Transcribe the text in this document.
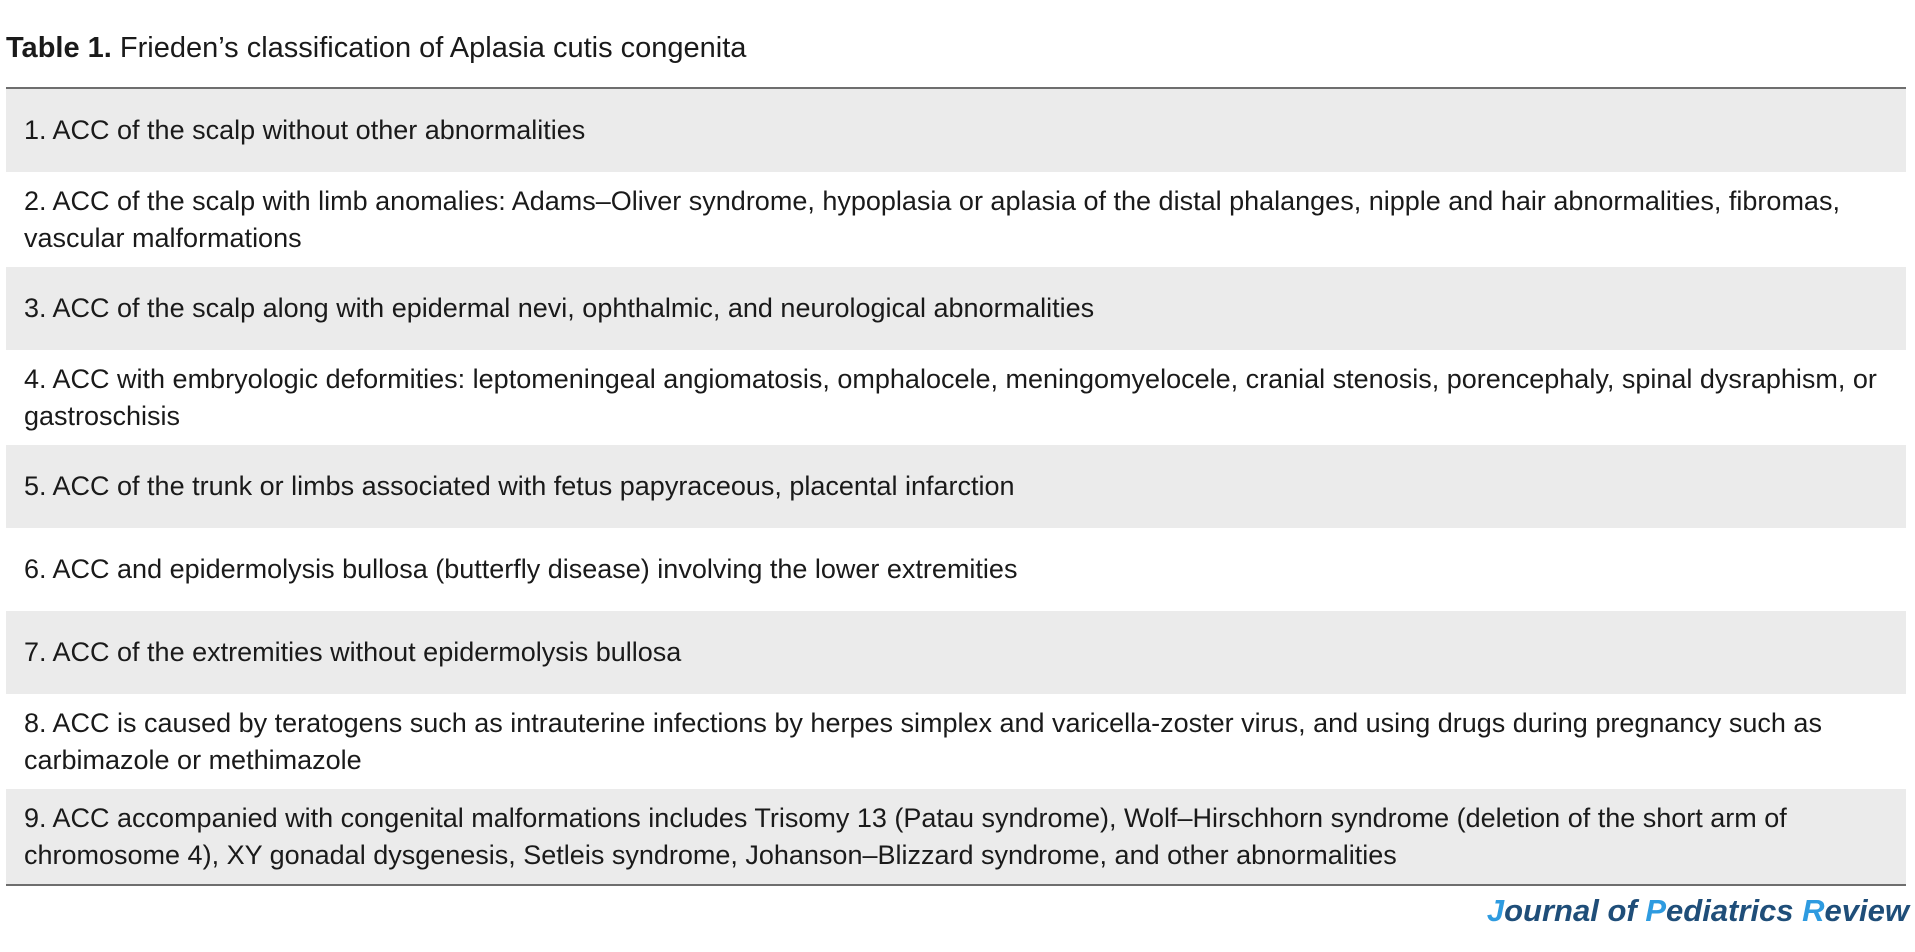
Table 1. Frieden’s classification of Aplasia cutis congenita
1. ACC of the scalp without other abnormalities
2. ACC of the scalp with limb anomalies: Adams–Oliver syndrome, hypoplasia or aplasia of the distal phalanges, nipple and hair abnormalities, fibromas, vascular malformations
3. ACC of the scalp along with epidermal nevi, ophthalmic, and neurological abnormalities
4. ACC with embryologic deformities: leptomeningeal angiomatosis, omphalocele, meningomyelocele, cranial stenosis, porencephaly, spinal dysraphism, or gastroschisis
5. ACC of the trunk or limbs associated with fetus papyraceous, placental infarction
6. ACC and epidermolysis bullosa (butterfly disease) involving the lower extremities
7. ACC of the extremities without epidermolysis bullosa
8. ACC is caused by teratogens such as intrauterine infections by herpes simplex and varicella-zoster virus, and using drugs during pregnancy such as carbimazole or methimazole
9. ACC accompanied with congenital malformations includes Trisomy 13 (Patau syndrome), Wolf–Hirschhorn syndrome (deletion of the short arm of chromosome 4), XY gonadal dysgenesis, Setleis syndrome, Johanson–Blizzard syndrome, and other abnormalities
Journal of Pediatrics Review
